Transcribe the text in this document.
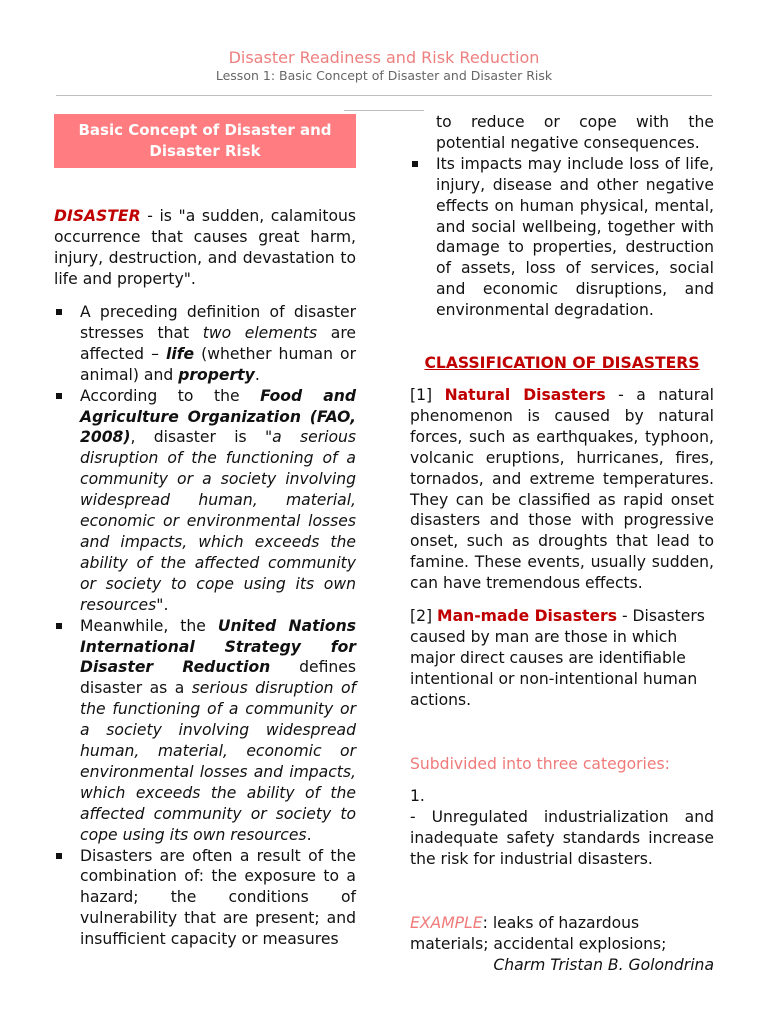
Disaster Readiness and Risk Reduction
Lesson 1: Basic Concept of Disaster and Disaster Risk
Basic Concept of Disaster and Disaster Risk
DISASTER - is "a sudden, calamitous occurrence that causes great harm, injury, destruction, and devastation to life and property".
A preceding definition of disaster stresses that two elements are affected – life (whether human or animal) and property.
According to the Food and Agriculture Organization (FAO, 2008), disaster is "a serious disruption of the functioning of a community or a society involving widespread human, material, economic or environmental losses and impacts, which exceeds the ability of the affected community or society to cope using its own resources".
Meanwhile, the United Nations International Strategy for Disaster Reduction defines disaster as a serious disruption of the functioning of a community or a society involving widespread human, material, economic or environmental losses and impacts, which exceeds the ability of the affected community or society to cope using its own resources.
Disasters are often a result of the combination of: the exposure to a hazard; the conditions of vulnerability that are present; and insufficient capacity or measures
to reduce or cope with the potential negative consequences.
Its impacts may include loss of life, injury, disease and other negative effects on human physical, mental, and social wellbeing, together with damage to properties, destruction of assets, loss of services, social and economic disruptions, and environmental degradation.
CLASSIFICATION OF DISASTERS
[1] Natural Disasters - a natural phenomenon is caused by natural forces, such as earthquakes, typhoon, volcanic eruptions, hurricanes, fires, tornados, and extreme temperatures. They can be classified as rapid onset disasters and those with progressive onset, such as droughts that lead to famine. These events, usually sudden, can have tremendous effects.
[2] Man-made Disasters - Disasters caused by man are those in which major direct causes are identifiable intentional or non-intentional human actions.
Subdivided into three categories:
1.
- Unregulated industrialization and inadequate safety standards increase the risk for industrial disasters.
EXAMPLE: leaks of hazardous materials; accidental explosions;
Charm Tristan B. Golondrina
